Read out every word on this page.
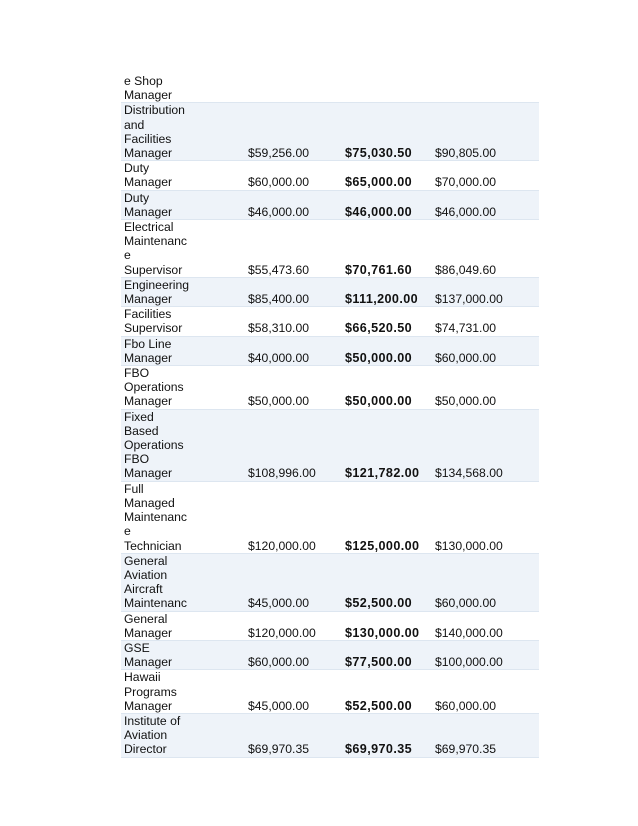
e Shop Manager			

Distribution and Facilities Manager	$59,256.00	$75,030.50	$90,805.00

Duty Manager	$60,000.00	$65,000.00	$70,000.00

Duty Manager	$46,000.00	$46,000.00	$46,000.00

Electrical Maintenance Supervisor	$55,473.60	$70,761.60	$86,049.60

Engineering Manager	$85,400.00	$111,200.00	$137,000.00

Facilities Supervisor	$58,310.00	$66,520.50	$74,731.00

Fbo Line Manager	$40,000.00	$50,000.00	$60,000.00

FBO Operations Manager	$50,000.00	$50,000.00	$50,000.00

Fixed Based Operations FBO Manager	$108,996.00	$121,782.00	$134,568.00

Full Managed Maintenance Technician	$120,000.00	$125,000.00	$130,000.00

General Aviation Aircraft Maintenanc	$45,000.00	$52,500.00	$60,000.00

General Manager	$120,000.00	$130,000.00	$140,000.00

GSE Manager	$60,000.00	$77,500.00	$100,000.00

Hawaii Programs Manager	$45,000.00	$52,500.00	$60,000.00

Institute of Aviation Director	$69,970.35	$69,970.35	$69,970.35
